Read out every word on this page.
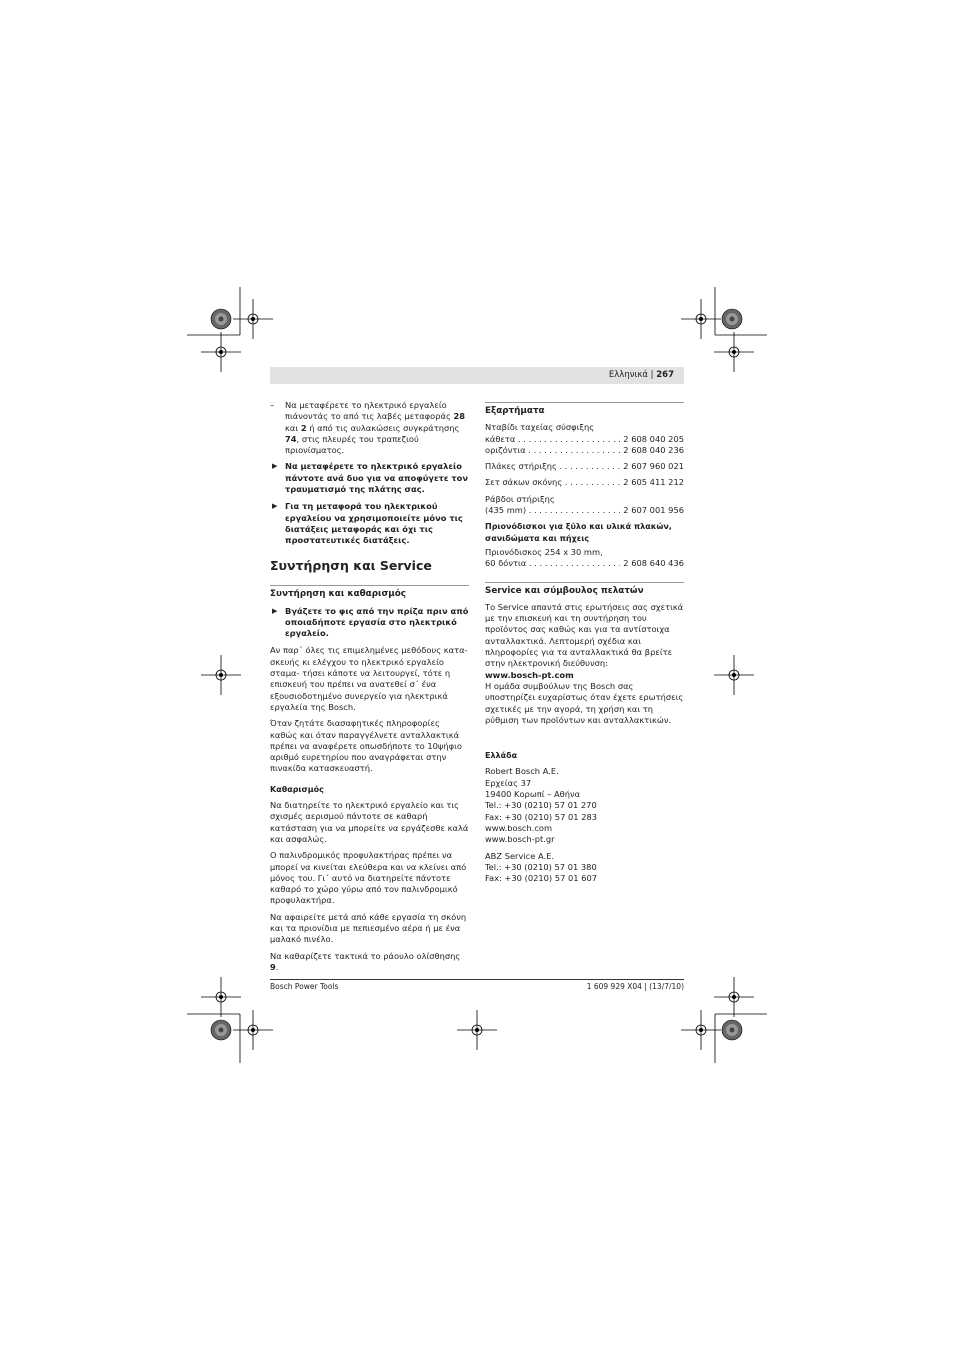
Ελληνικά | 267

– Να μεταφέρετε το ηλεκτρικό εργαλείο πιάνοντάς το από τις λαβές μεταφοράς 28 και 2 ή από τις αυλακώσεις συγκράτησης 74, στις πλευρές του τραπεζιού πριονίσματος.

▶ Να μεταφέρετε το ηλεκτρικό εργαλείο πάντοτε ανά δυο για να αποφύγετε τον τραυματισμό της πλάτης σας.

▶ Για τη μεταφορά του ηλεκτρικού εργαλείου να χρησιμοποιείτε μόνο τις διατάξεις μεταφοράς και όχι τις προστατευτικές διατάξεις.

Συντήρηση και Service

Συντήρηση και καθαρισμός

▶ Βγάζετε το φις από την πρίζα πριν από οποιαδήποτε εργασία στο ηλεκτρικό εργαλείο.

Αν παρ΄ όλες τις επιμελημένες μεθόδους κατα- σκευής κι ελέγχου το ηλεκτρικό εργαλείο σταμα- τήσει κάποτε να λειτουργεί, τότε η επισκευή του πρέπει να ανατεθεί σ΄ ένα εξουσιοδοτημένο συνεργείο για ηλεκτρικά εργαλεία της Bosch.

Όταν ζητάτε διασαφητικές πληροφορίες καθώς και όταν παραγγέλνετε ανταλλακτικά πρέπει να αναφέρετε οπωσδήποτε το 10ψήφιο αριθμό ευρετηρίου που αναγράφεται στην πινακίδα κατασκευαστή.

Καθαρισμός

Να διατηρείτε το ηλεκτρικό εργαλείο και τις σχισμές αερισμού πάντοτε σε καθαρή κατάσταση για να μπορείτε να εργάζεσθε καλά και ασφαλώς.

Ο παλινδρομικός προφυλακτήρας πρέπει να μπορεί να κινείται ελεύθερα και να κλείνει από μόνος του. Γι΄ αυτό να διατηρείτε πάντοτε καθαρό το χώρο γύρω από τον παλινδρομικό προφυλακτήρα.

Να αφαιρείτε μετά από κάθε εργασία τη σκόνη και τα πριονίδια με πεπιεσμένο αέρα ή με ένα μαλακό πινέλο.

Να καθαρίζετε τακτικά το ράουλο ολίσθησης 9.

Εξαρτήματα

Νταβίδι ταχείας σύσφιξης

κάθετα . . .	2 608 040 205
οριζόντια . . .	2 608 040 236
Πλάκες στήριξης . . .	2 607 960 021
Σετ σάκων σκόνης . . .	2 605 411 212

Ράβδοι στήριξης

(435 mm) . . .	2 607 001 956

Πριονόδισκοι για ξύλο και υλικά πλακών, σανιδώματα και πήχεις

Πριονόδισκος 254 x 30 mm,

60 δόντια . . .	2 608 640 436

Service και σύμβουλος πελατών

Το Service απαντά στις ερωτήσεις σας σχετικά με την επισκευή και τη συντήρηση του προϊόντος σας καθώς και για τα αντίστοιχα ανταλλακτικά. Λεπτομερή σχέδια και πληροφορίες για τα ανταλλακτικά θα βρείτε στην ηλεκτρονική διεύθυνση:

www.bosch-pt.com

Η ομάδα συμβούλων της Bosch σας υποστηρίζει ευχαρίστως όταν έχετε ερωτήσεις σχετικές με την αγορά, τη χρήση και τη ρύθμιση των προϊόντων και ανταλλακτικών.

Ελλάδα

Robert Bosch A.E.
Ερχείας 37
19400 Κορωπί – Αθήνα
Tel.: +30 (0210) 57 01 270
Fax: +30 (0210) 57 01 283
www.bosch.com
www.bosch-pt.gr
ABZ Service A.E.
Tel.: +30 (0210) 57 01 380
Fax: +30 (0210) 57 01 607
Bosch Power Tools	1 609 929 X04 | (13/7/10)
